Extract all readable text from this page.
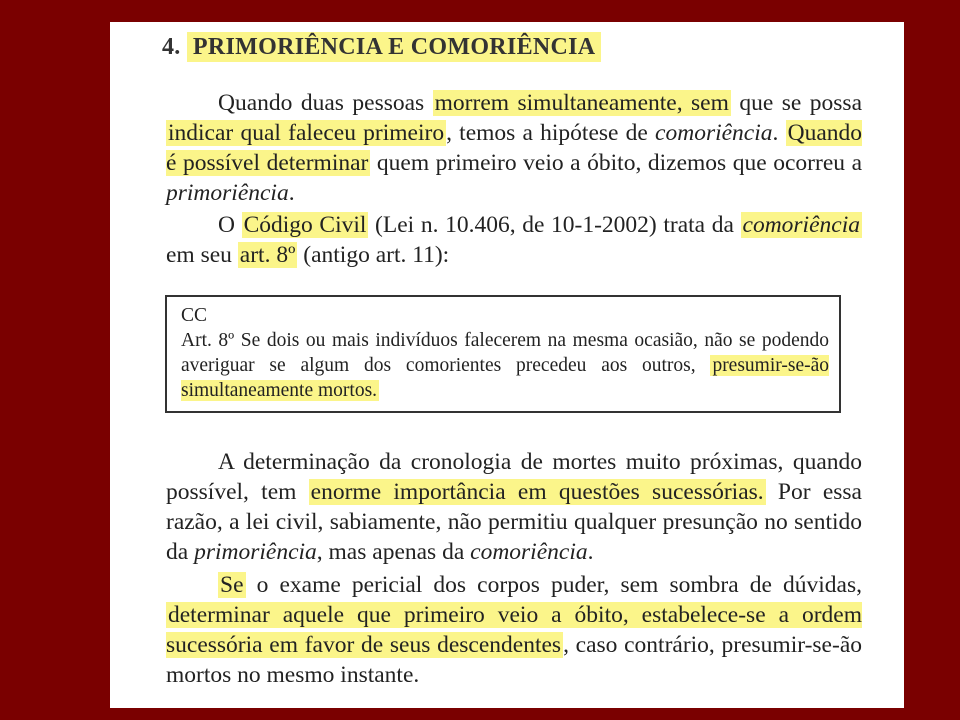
4. PRIMORIÊNCIA E COMORIÊNCIA

Quando duas pessoas morrem simultaneamente, sem que se possa indicar qual faleceu primeiro, temos a hipótese de comoriência. Quando é possível determinar quem primeiro veio a óbito, dizemos que ocorreu a primoriência.

O Código Civil (Lei n. 10.406, de 10-1-2002) trata da comoriência em seu art. 8º (antigo art. 11):

CC

Art. 8º Se dois ou mais indivíduos falecerem na mesma ocasião, não se podendo averiguar se algum dos comorientes precedeu aos outros, presumir-se-ão simultaneamente mortos.

A determinação da cronologia de mortes muito próximas, quando possível, tem enorme importância em questões sucessórias. Por essa razão, a lei civil, sabiamente, não permitiu qualquer presunção no sentido da primoriência, mas apenas da comoriência.

Se o exame pericial dos corpos puder, sem sombra de dúvidas, determinar aquele que primeiro veio a óbito, estabelece-se a ordem sucessória em favor de seus descendentes, caso contrário, presumir-se-ão mortos no mesmo instante.
